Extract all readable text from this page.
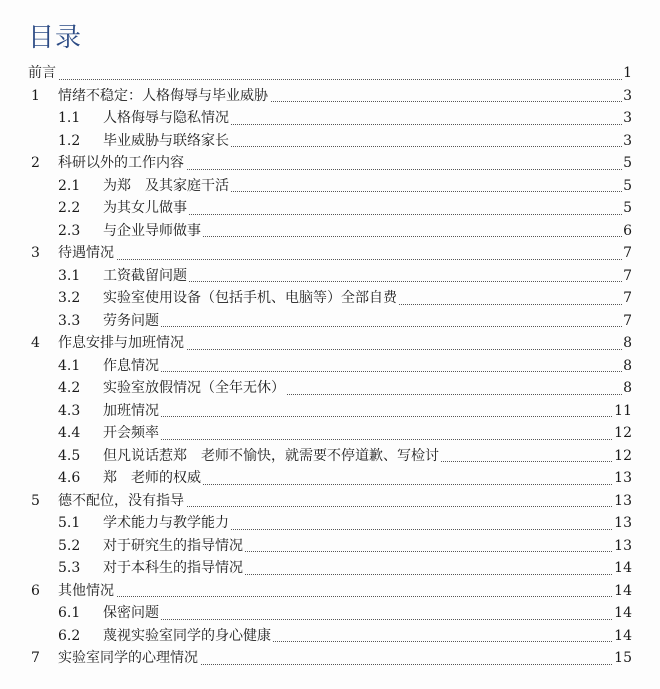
目录
前言	1
1 情绪不稳定：人格侮辱与毕业威胁	3
1.1 人格侮辱与隐私情况	3
1.2 毕业威胁与联络家长	3
2 科研以外的工作内容	5
2.1 为郑　及其家庭干活	5
2.2 为其女儿做事	5
2.3 与企业导师做事	6
3 待遇情况	7
3.1 工资截留问题	7
3.2 实验室使用设备（包括手机、电脑等）全部自费	7
3.3 劳务问题	7
4 作息安排与加班情况	8
4.1 作息情况	8
4.2 实验室放假情况（全年无休）	8
4.3 加班情况	11
4.4 开会频率	12
4.5 但凡说话惹郑　老师不愉快，就需要不停道歉、写检讨	12
4.6 郑　老师的权威	13
5 德不配位，没有指导	13
5.1 学术能力与教学能力	13
5.2 对于研究生的指导情况	13
5.3 对于本科生的指导情况	14
6 其他情况	14
6.1 保密问题	14
6.2 蔑视实验室同学的身心健康	14
7 实验室同学的心理情况	15
